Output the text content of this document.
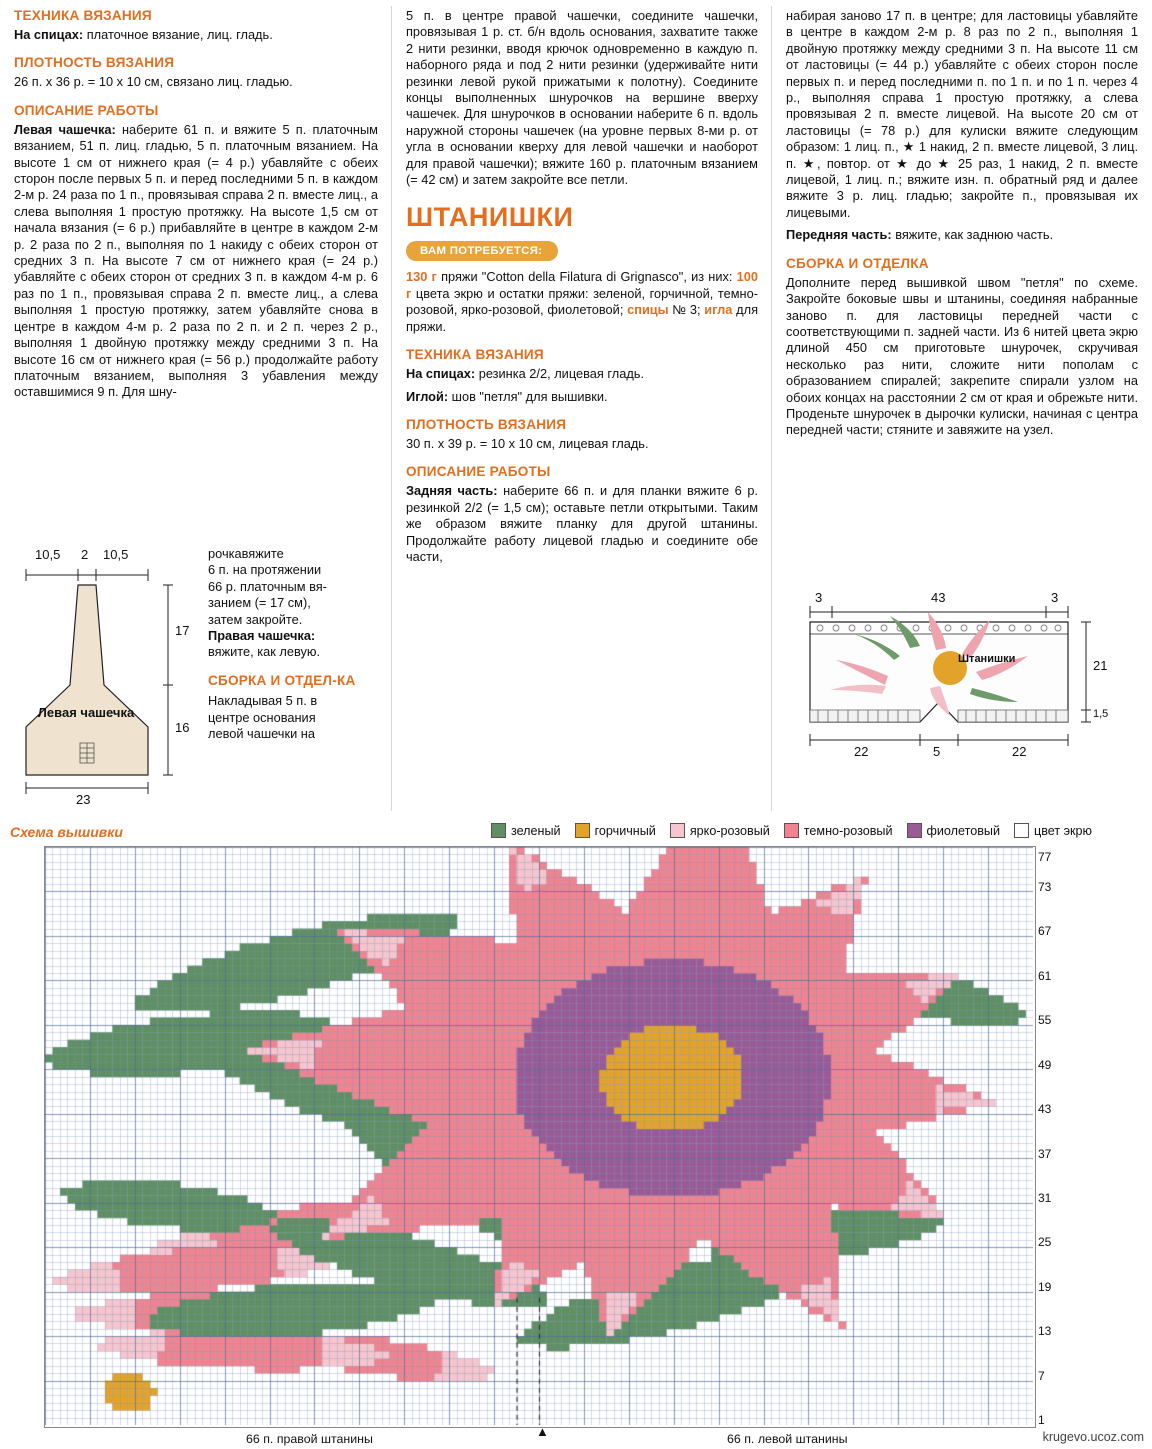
ТЕХНИКА ВЯЗАНИЯ

На спицах: платочное вязание, лиц. гладь.

ПЛОТНОСТЬ ВЯЗАНИЯ

26 п. х 36 р. = 10 х 10 см, связано лиц. гладью.

ОПИСАНИЕ РАБОТЫ

Левая чашечка: наберите 61 п. и вяжите 5 п. платочным вязанием, 51 п. лиц. гладью, 5 п. платочным вязанием. На высоте 1 см от нижнего края (= 4 р.) убавляйте с обеих сторон после первых 5 п. и перед последними 5 п. в каждом 2-м р. 24 раза по 1 п., провязывая справа 2 п. вместе лиц., а слева выполняя 1 простую протяжку. На высоте 1,5 см от начала вязания (= 6 р.) прибавляйте в центре в каждом 2-м р. 2 раза по 2 п., выполняя по 1 накиду с обеих сторон от средних 3 п. На высоте 7 см от нижнего края (= 24 р.) убавляйте с обеих сторон от средних 3 п. в каждом 4-м р. 6 раз по 1 п., провязывая справа 2 п. вместе лиц., а слева выполняя 1 простую протяжку, затем убавляйте снова в центре в каждом 4-м р. 2 раза по 2 п. и 2 п. через 2 р., выполняя 1 двойную протяжку между средними 3 п. На высоте 16 см от нижнего края (= 56 р.) продолжайте работу платочным вязанием, выполняя 3 убавления между оставшимися 9 п. Для шну-

5 п. в центре правой чашечки, соедините чашечки, провязывая 1 р. ст. б/н вдоль основания, захватите также 2 нити резинки, вводя крючок одновременно в каждую п. наборного ряда и под 2 нити резинки (удерживайте нити резинки левой рукой прижатыми к полотну). Соедините концы выполненных шнурочков на вершине вверху чашечек. Для шнурочков в основании наберите 6 п. вдоль наружной стороны чашечек (на уровне первых 8-ми р. от угла в основании кверху для левой чашечки и наоборот для правой чашечки); вяжите 160 р. платочным вязанием (= 42 см) и затем закройте все петли.

ШТАНИШКИ
ВАМ ПОТРЕБУЕТСЯ:

130 г пряжи "Cotton della Filatura di Grignasco", из них: 100 г цвета экрю и остатки пряжи: зеленой, горчичной, темно-розовой, ярко-розовой, фиолетовой; спицы № 3; игла для пряжи.

ТЕХНИКА ВЯЗАНИЯ

На спицах: резинка 2/2, лицевая гладь.

Иглой: шов "петля" для вышивки.

ПЛОТНОСТЬ ВЯЗАНИЯ

30 п. х 39 р. = 10 х 10 см, лицевая гладь.

ОПИСАНИЕ РАБОТЫ

Задняя часть: наберите 66 п. и для планки вяжите 6 р. резинкой 2/2 (= 1,5 см); оставьте петли открытыми. Таким же образом вяжите планку для другой штанины. Продолжайте работу лицевой гладью и соедините обе части,

набирая заново 17 п. в центре; для ластовицы убавляйте в центре в каждом 2-м р. 8 раз по 2 п., выполняя 1 двойную протяжку между средними 3 п. На высоте 11 см от ластовицы (= 44 р.) убавляйте с обеих сторон после первых п. и перед последними п. по 1 п. и по 1 п. через 4 р., выполняя справа 1 простую протяжку, а слева провязывая 2 п. вместе лицевой. На высоте 20 см от ластовицы (= 78 р.) для кулиски вяжите следующим образом: 1 лиц. п., ★ 1 накид, 2 п. вместе лицевой, 3 лиц. п. ★, повтор. от ★ до ★ 25 раз, 1 накид, 2 п. вместе лицевой, 1 лиц. п.; вяжите изн. п. обратный ряд и далее вяжите 3 р. лиц. гладью; закройте п., провязывая их лицевыми.

Передняя часть: вяжите, как заднюю часть.

СБОРКА И ОТДЕЛКА

Дополните перед вышивкой швом "петля" по схеме. Закройте боковые швы и штанины, соединяя набранные заново п. для ластовицы передней части с соответствующими п. задней части. Из 6 нитей цвета экрю длиной 450 см приготовьте шнурочек, скручивая несколько раз нити, сложите нити пополам с образованием спиралей; закрепите спирали узлом на обоих концах на расстоянии 2 см от края и обрежьте нити. Проденьте шнурочек в дырочки кулиски, начиная с центра передней части; стяните и завяжите на узел.

10,5 2 10,5
17
16
23
Левая чашечка
рочкавяжите
6 п. на протяжении
66 р. платочным вя-
занием (= 17 см),
затем закройте.
Правая чашечка:
вяжите, как левую.
СБОРКА И ОТДЕЛ-КА
Накладывая 5 п. в
центре основания
левой чашечки на
Штанишки
3	43	3
21
1,5
22	5	22
Схема вышивки	зеленый	горчичный	ярко-розовый	темно-розовый	фиолетовый	цвет экрю
1
7
13
19
25
31
37
43
49
55
61
67
73
77
66 п. правой штанины	66 п. левой штанины
▲	krugevo.ucoz.com
